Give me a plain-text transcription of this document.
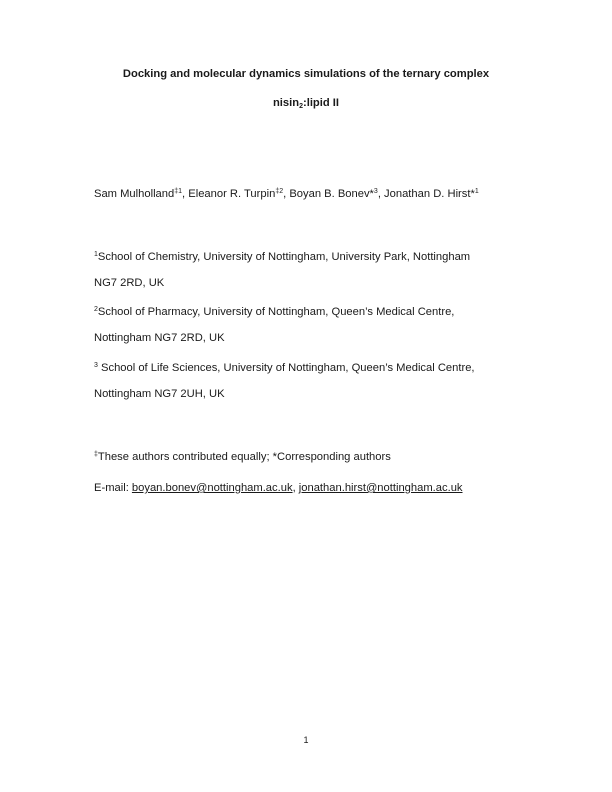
Docking and molecular dynamics simulations of the ternary complex
nisin$_2$:lipid II
Sam Mulholland$^{\ddagger 1}$, Eleanor R. Turpin$^{\ddagger 2}$, Boyan B. Bonev*$^3$, Jonathan D. Hirst*$^1$
$^1$School of Chemistry, University of Nottingham, University Park, Nottingham
NG7 2RD, UK
$^2$School of Pharmacy, University of Nottingham, Queen’s Medical Centre,
Nottingham NG7 2RD, UK
$^3$ School of Life Sciences, University of Nottingham, Queen’s Medical Centre,
Nottingham NG7 2UH, UK
‡These authors contributed equally; *Corresponding authors
E-mail: boyan.bonev@nottingham.ac.uk, jonathan.hirst@nottingham.ac.uk
1
